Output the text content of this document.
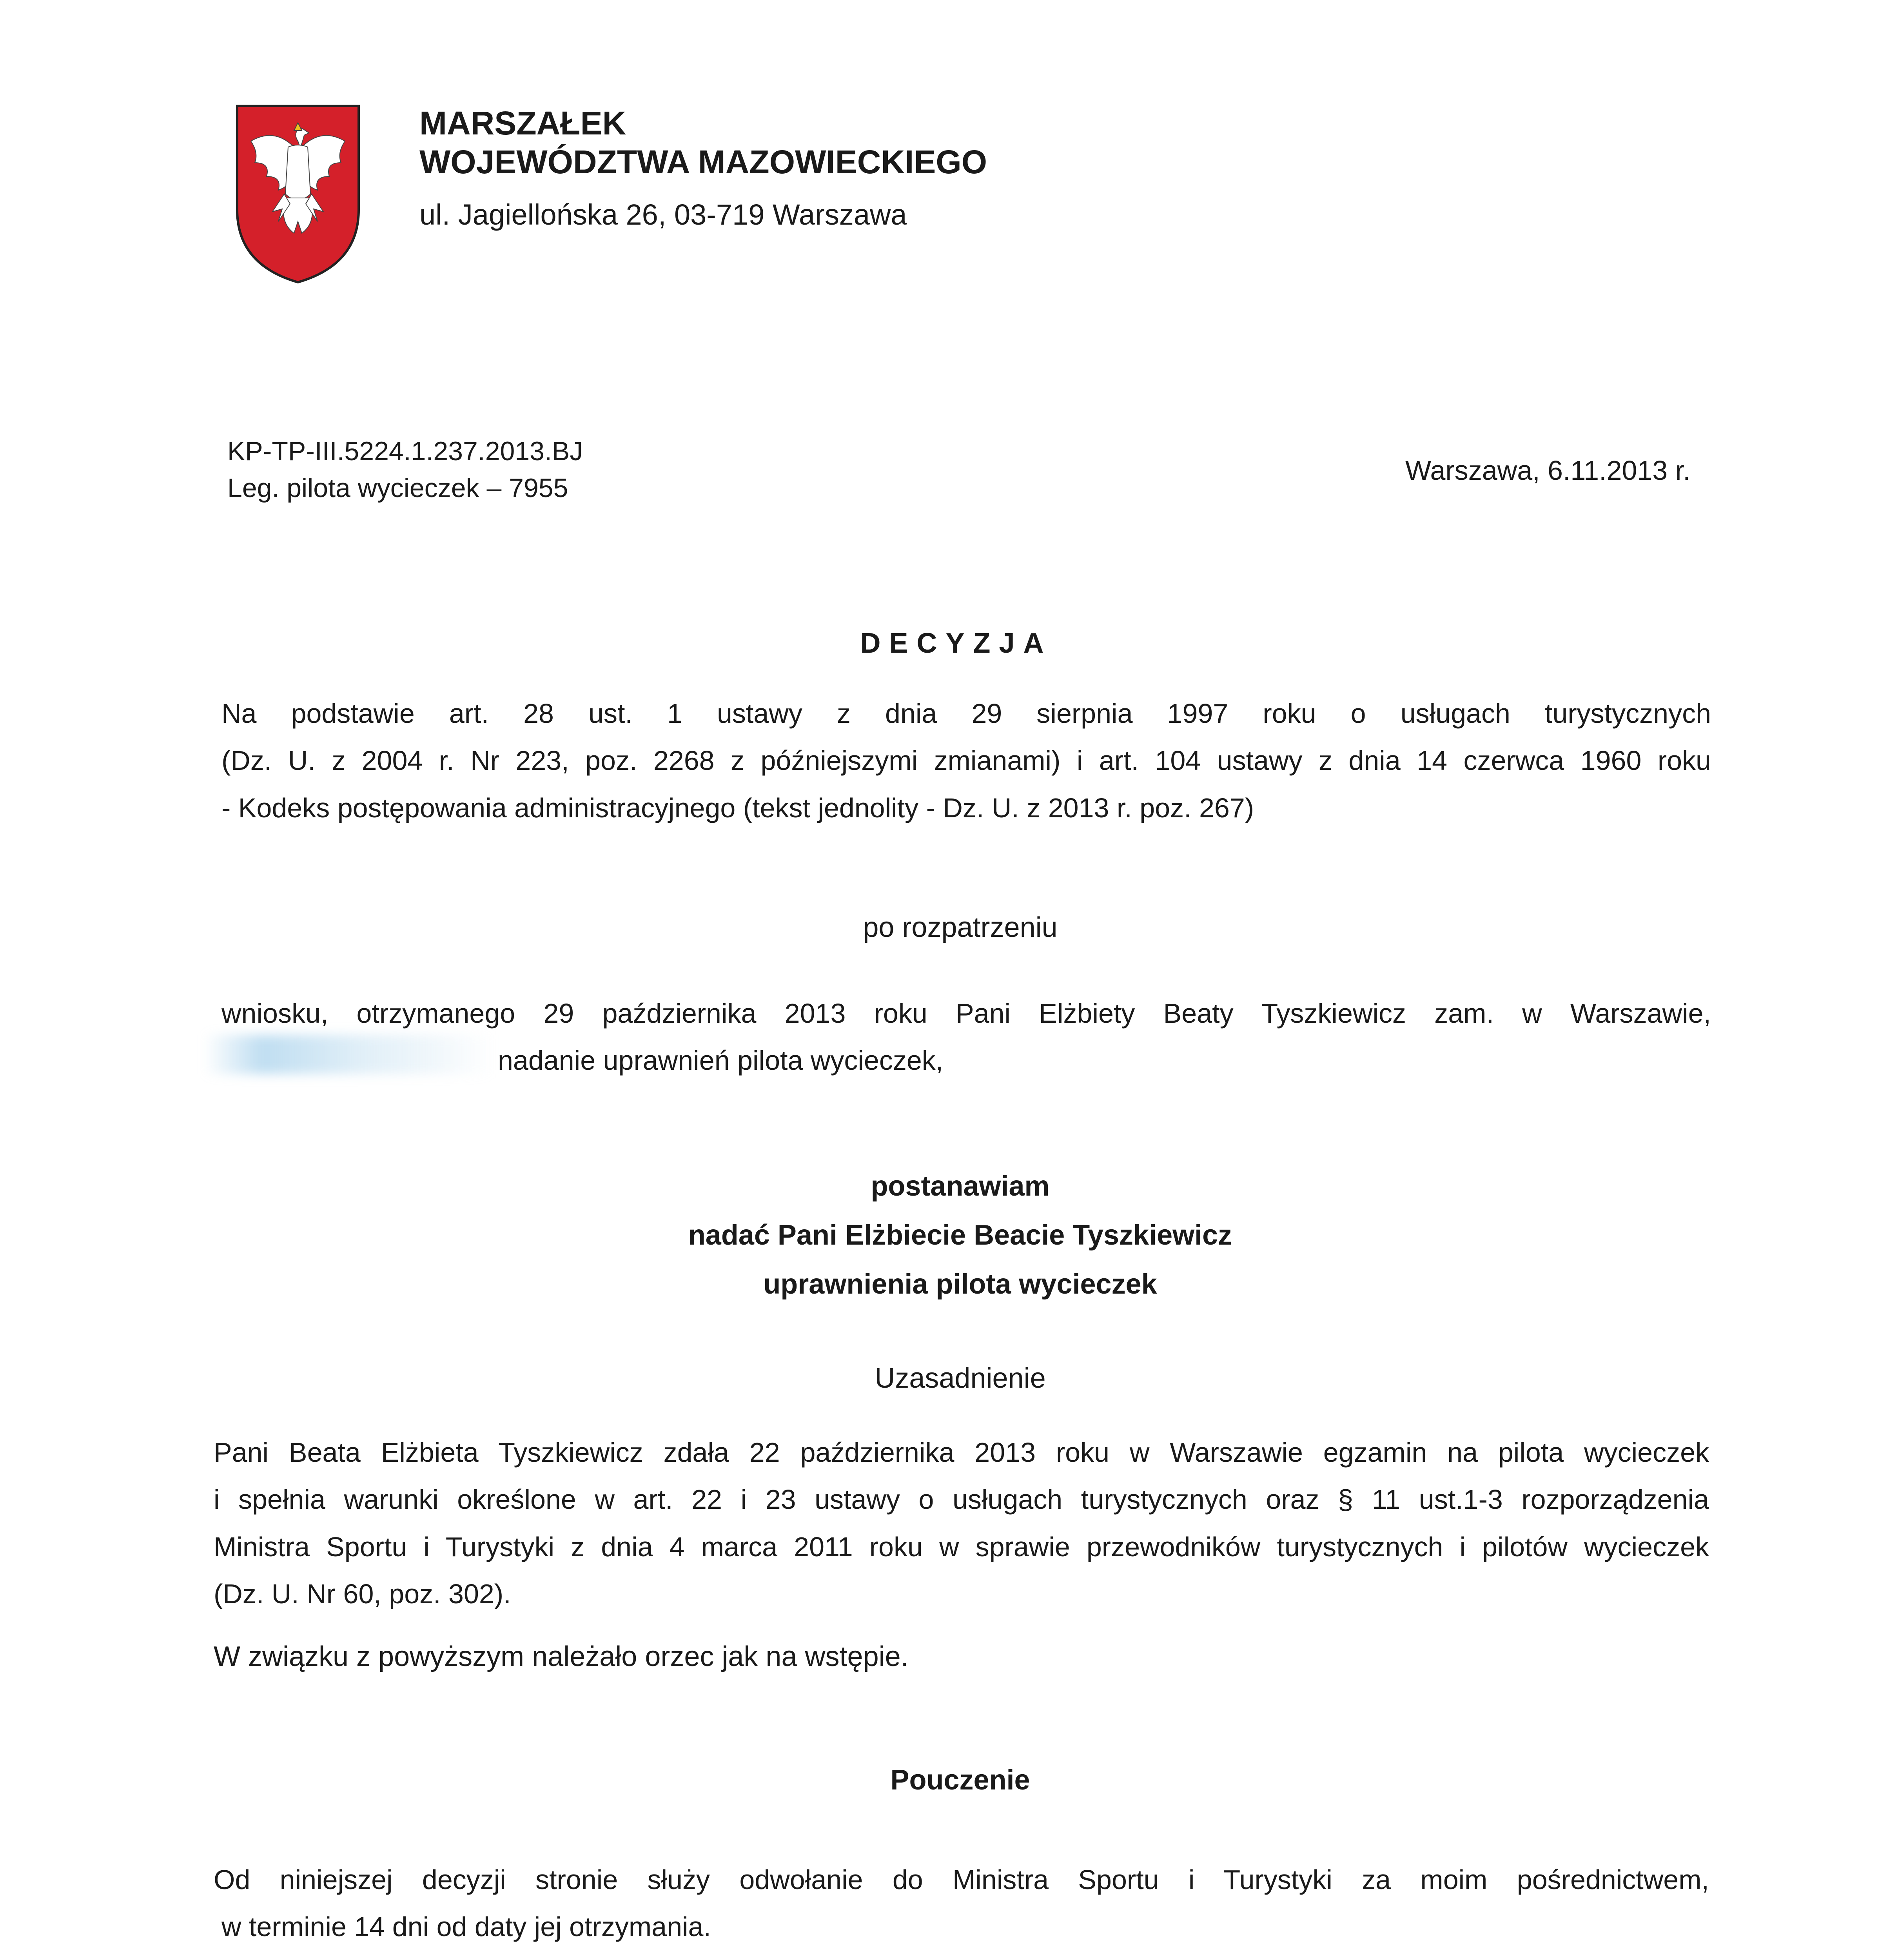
MARSZAŁEK
WOJEWÓDZTWA MAZOWIECKIEGO
ul. Jagiellońska 26, 03-719 Warszawa
KP-TP-III.5224.1.237.2013.BJ
Leg. pilota wycieczek – 7955
Warszawa, 6.11.2013 r.
DECYZJA
Na podstawie art. 28 ust. 1 ustawy z dnia 29 sierpnia 1997 roku o usługach turystycznych
(Dz. U. z 2004 r. Nr 223, poz. 2268 z późniejszymi zmianami) i art. 104 ustawy z dnia 14 czerwca 1960 roku
- Kodeks postępowania administracyjnego (tekst jednolity - Dz. U. z 2013 r. poz. 267)
po rozpatrzeniu
wniosku, otrzymanego 29 października 2013 roku Pani Elżbiety Beaty Tyszkiewicz zam. w Warszawie,
nadanie uprawnień pilota wycieczek,
postanawiam
nadać Pani Elżbiecie Beacie Tyszkiewicz
uprawnienia pilota wycieczek
Uzasadnienie
Pani Beata Elżbieta Tyszkiewicz zdała 22 października 2013 roku w Warszawie egzamin na pilota wycieczek
i spełnia warunki określone w art. 22 i 23 ustawy o usługach turystycznych oraz § 11 ust.1-3 rozporządzenia
Ministra Sportu i Turystyki z dnia 4 marca 2011 roku w sprawie przewodników turystycznych i pilotów wycieczek
(Dz. U. Nr 60, poz. 302).
W związku z powyższym należało orzec jak na wstępie.
Pouczenie
Od niniejszej decyzji stronie służy odwołanie do Ministra Sportu i Turystyki za moim pośrednictwem,
w terminie 14 dni od daty jej otrzymania.
